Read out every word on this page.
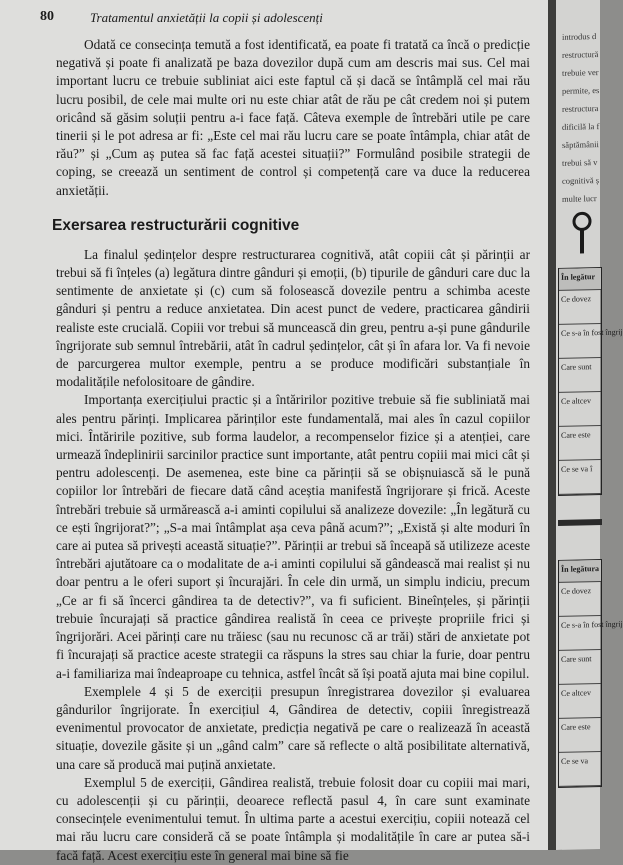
80	Tratamentul anxietății la copii și adolescenți

Odată ce consecința temută a fost identificată, ea poate fi tratată ca încă o predicție negativă și poate fi analizată pe baza dovezilor după cum am descris mai sus. Cel mai important lucru ce trebuie subliniat aici este faptul că și dacă se întâmplă cel mai rău lucru posibil, de cele mai multe ori nu este chiar atât de rău pe cât credem noi și putem oricând să găsim soluții pentru a-i face față. Câteva exemple de întrebări utile pe care tinerii și le pot adresa ar fi: „Este cel mai rău lucru care se poate întâmpla, chiar atât de rău?” și „Cum aș putea să fac față acestei situații?” Formulând posibile strategii de coping, se creează un sentiment de control și competență care va duce la reducerea anxietății.

Exersarea restructurării cognitive

La finalul ședințelor despre restructurarea cognitivă, atât copiii cât și părinții ar trebui să fi înțeles (a) legătura dintre gânduri și emoții, (b) tipurile de gânduri care duc la sentimente de anxietate și (c) cum să folosească dovezile pentru a schimba aceste gânduri și pentru a reduce anxietatea. Din acest punct de vedere, practicarea gândirii realiste este crucială. Copiii vor trebui să muncească din greu, pentru a-și pune gândurile îngrijorate sub semnul întrebării, atât în cadrul ședințelor, cât și în afara lor. Va fi nevoie de parcurgerea multor exemple, pentru a se produce modificări substanțiale în modalitățile nefolositoare de gândire.

Importanța exercițiului practic și a întăririlor pozitive trebuie să fie subliniată mai ales pentru părinți. Implicarea părinților este fundamentală, mai ales în cazul copiilor mici. Întăririle pozitive, sub forma laudelor, a recompenselor fizice și a atenției, care urmează îndeplinirii sarcinilor practice sunt importante, atât pentru copiii mai mici cât și pentru adolescenți. De asemenea, este bine ca părinții să se obișnuiască să le pună copiilor lor întrebări de fiecare dată când aceștia manifestă îngrijorare și frică. Aceste întrebări trebuie să urmărească a-i aminti copilului să analizeze dovezile: „În legătură cu ce ești îngrijorat?”; „S-a mai întâmplat așa ceva până acum?”; „Există și alte moduri în care ai putea să privești această situație?”. Părinții ar trebui să înceapă să utilizeze aceste întrebări ajutătoare ca o modalitate de a-i aminti copilului să gândească mai realist și nu doar pentru a le oferi suport și încurajări. În cele din urmă, un simplu indiciu, precum „Ce ar fi să încerci gândirea ta de detectiv?”, va fi suficient. Bineînțeles, și părinții trebuie încurajați să practice gândirea realistă în ceea ce privește propriile frici și îngrijorări. Acei părinți care nu trăiesc (sau nu recunosc că ar trăi) stări de anxietate pot fi încurajați să practice aceste strategii ca răspuns la stres sau chiar la furie, doar pentru a-i familiariza mai îndeaproape cu tehnica, astfel încât să își poată ajuta mai bine copilul.

Exemplele 4 și 5 de exerciții presupun înregistrarea dovezilor și evaluarea gândurilor îngrijorate. În exercițiul 4, Gândirea de detectiv, copiii înregistrează evenimentul provocator de anxietate, predicția negativă pe care o realizează în această situație, dovezile găsite și un „gând calm” care să reflecte o altă posibilitate alternativă, una care să producă mai puțină anxietate.

Exemplul 5 de exerciții, Gândirea realistă, trebuie folosit doar cu copiii mai mari, cu adolescenții și cu părinții, deoarece reflectă pasul 4, în care sunt examinate consecințele evenimentului temut. În ultima parte a acestui exercițiu, copiii notează cel mai rău lucru care consideră că se poate întâmpla și modalitățile în care ar putea să-i facă față. Acest exercițiu este în general mai bine să fie

introdus d
restructură
trebuie ver
permite, es
restructura
dificilă la f
săptămânii
trebui să v
cognitivă ș
multe lucr
În legătur
Ce dovez
Ce s-a în fost îngrij
Care sunt
Ce altcev
Care este
Ce se va î
În legătura
Ce dovez
Ce s-a în fost îngrij
Care sunt
Ce altcev
Care este
Ce se va
